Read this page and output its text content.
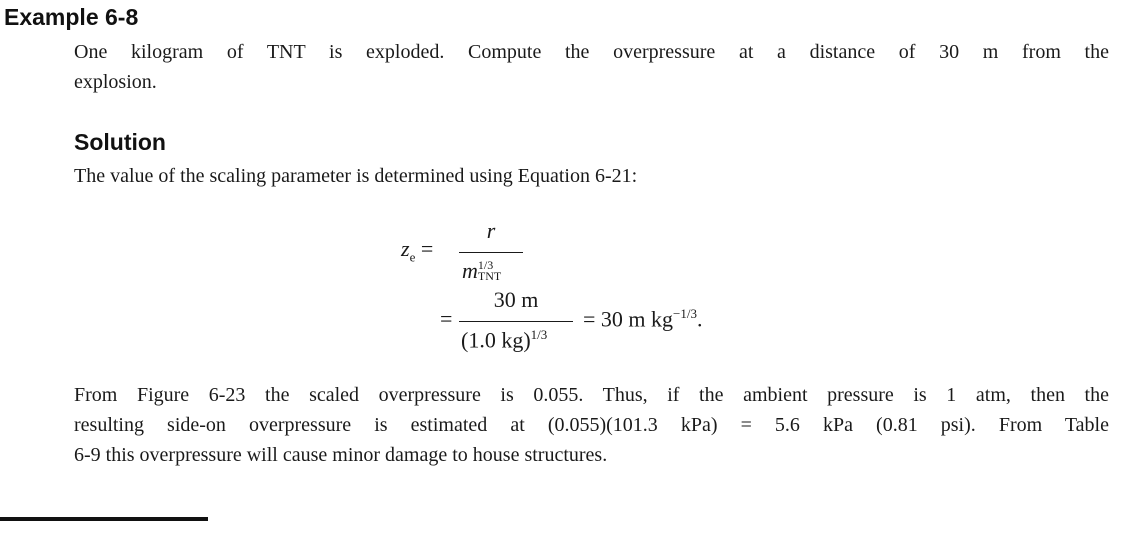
Example 6-8
One kilogram of TNT is exploded. Compute the overpressure at a distance of 30 m from the
explosion.
Solution
The value of the scaling parameter is determined using Equation 6-21:
$z_e$ =
r
m 1/3
TNT
=
30 m
(1.0 kg)$^{1/3}$
= 30 m $kg^{-1/3}$.
From Figure 6-23 the scaled overpressure is 0.055. Thus, if the ambient pressure is 1 atm, then the
resulting side-on overpressure is estimated at (0.055)(101.3 kPa) = 5.6 kPa (0.81 psi). From Table
6-9 this overpressure will cause minor damage to house structures.
